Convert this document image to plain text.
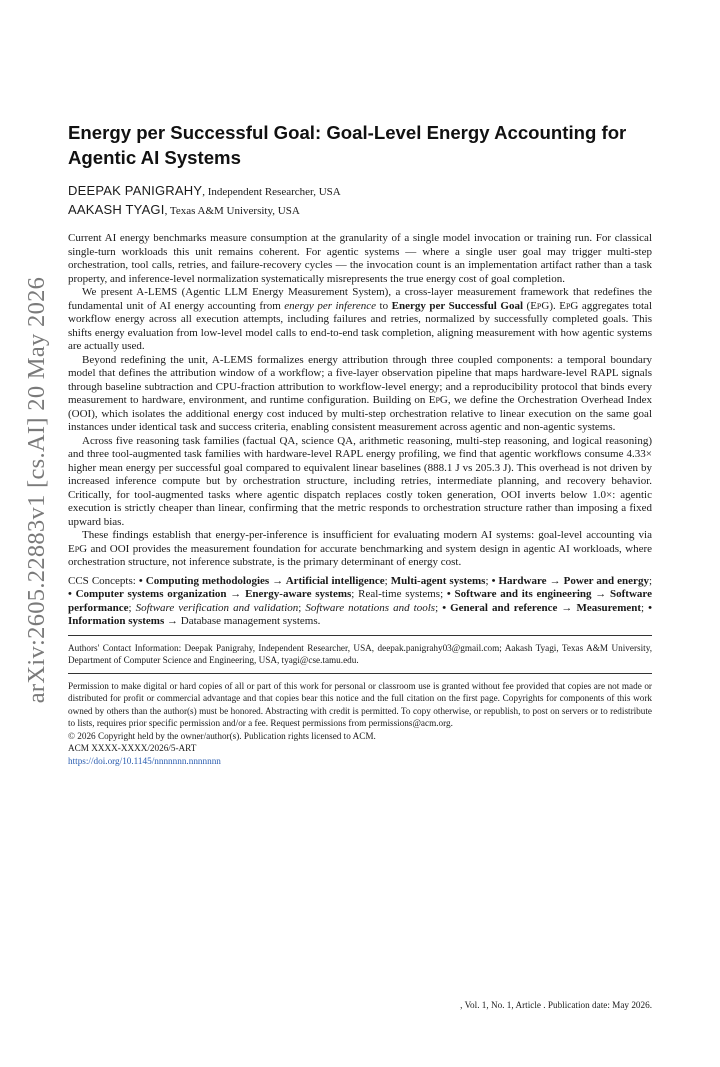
arXiv:2605.22883v1 [cs.AI] 20 May 2026
Energy per Successful Goal: Goal-Level Energy Accounting for Agentic AI Systems
DEEPAK PANIGRAHY, Independent Researcher, USA
AAKASH TYAGI, Texas A&M University, USA

Current AI energy benchmarks measure consumption at the granularity of a single model invocation or training run. For classical single-turn workloads this unit remains coherent. For agentic systems — where a single user goal may trigger multi-step orchestration, tool calls, retries, and failure-recovery cycles — the invocation count is an implementation artifact rather than a task property, and inference-level normalization systematically misrepresents the true energy cost of goal completion.

We present A-LEMS (Agentic LLM Energy Measurement System), a cross-layer measurement framework that redefines the fundamental unit of AI energy accounting from energy per inference to Energy per Successful Goal (EpG). EpG aggregates total workflow energy across all execution attempts, including failures and retries, normalized by successfully completed goals. This shifts energy evaluation from low-level model calls to end-to-end task completion, aligning measurement with how agentic systems are actually used.

Beyond redefining the unit, A-LEMS formalizes energy attribution through three coupled components: a temporal boundary model that defines the attribution window of a workflow; a five-layer observation pipeline that maps hardware-level RAPL signals through baseline subtraction and CPU-fraction attribution to workflow-level energy; and a reproducibility protocol that binds every measurement to hardware, environment, and runtime configuration. Building on EpG, we define the Orchestration Overhead Index (OOI), which isolates the additional energy cost induced by multi-step orchestration relative to linear execution on the same goal instances under identical task and success criteria, enabling consistent measurement across agentic and non-agentic systems.

Across five reasoning task families (factual QA, science QA, arithmetic reasoning, multi-step reasoning, and logical reasoning) and three tool-augmented task families with hardware-level RAPL energy profiling, we find that agentic workflows consume 4.33× higher mean energy per successful goal compared to equivalent linear baselines (888.1 J vs 205.3 J). This overhead is not driven by increased inference compute but by orchestration structure, including retries, intermediate planning, and recovery behavior. Critically, for tool-augmented tasks where agentic dispatch replaces costly token generation, OOI inverts below 1.0×: agentic execution is strictly cheaper than linear, confirming that the metric responds to orchestration structure rather than imposing a fixed upward bias.

These findings establish that energy-per-inference is insufficient for evaluating modern AI systems: goal-level accounting via EpG and OOI provides the measurement foundation for accurate benchmarking and system design in agentic AI workloads, where orchestration structure, not inference substrate, is the primary determinant of energy cost.

CCS Concepts: • Computing methodologies → Artificial intelligence; Multi-agent systems; • Hardware → Power and energy; • Computer systems organization → Energy-aware systems; Real-time systems; • Software and its engineering → Software performance; Software verification and validation; Software notations and tools; • General and reference → Measurement; • Information systems → Database management systems.
Authors' Contact Information: Deepak Panigrahy, Independent Researcher, USA, deepak.panigrahy03@gmail.com; Aakash Tyagi, Texas A&M University, Department of Computer Science and Engineering, USA, tyagi@cse.tamu.edu.

Permission to make digital or hard copies of all or part of this work for personal or classroom use is granted without fee provided that copies are not made or distributed for profit or commercial advantage and that copies bear this notice and the full citation on the first page. Copyrights for components of this work owned by others than the author(s) must be honored. Abstracting with credit is permitted. To copy otherwise, or republish, to post on servers or to redistribute to lists, requires prior specific permission and/or a fee. Request permissions from permissions@acm.org.

© 2026 Copyright held by the owner/author(s). Publication rights licensed to ACM.
ACM XXXX-XXXX/2026/5-ART
https://doi.org/10.1145/nnnnnnn.nnnnnnn
, Vol. 1, No. 1, Article . Publication date: May 2026.
